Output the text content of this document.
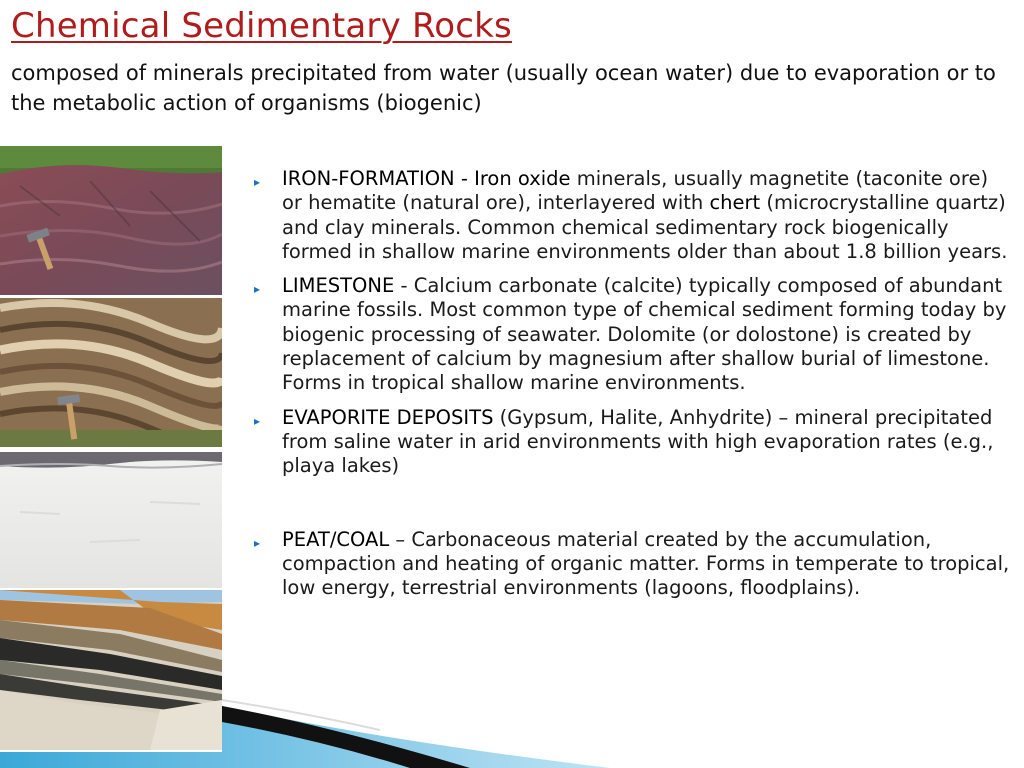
Chemical Sedimentary Rocks

composed of minerals precipitated from water (usually ocean water) due to evaporation or to the metabolic action of organisms (biogenic)

▸ IRON-FORMATION - Iron oxide minerals, usually magnetite (taconite ore) or hematite (natural ore), interlayered with chert (microcrystalline quartz) and clay minerals. Common chemical sedimentary rock biogenically formed in shallow marine environments older than about 1.8 billion years.
▸ LIMESTONE - Calcium carbonate (calcite) typically composed of abundant marine fossils. Most common type of chemical sediment forming today by biogenic processing of seawater. Dolomite (or dolostone) is created by replacement of calcium by magnesium after shallow burial of limestone. Forms in tropical shallow marine environments.
▸ EVAPORITE DEPOSITS (Gypsum, Halite, Anhydrite) – mineral precipitated from saline water in arid environments with high evaporation rates (e.g., playa lakes)
▸ PEAT/COAL – Carbonaceous material created by the accumulation, compaction and heating of organic matter. Forms in temperate to tropical, low energy, terrestrial environments (lagoons, floodplains).
